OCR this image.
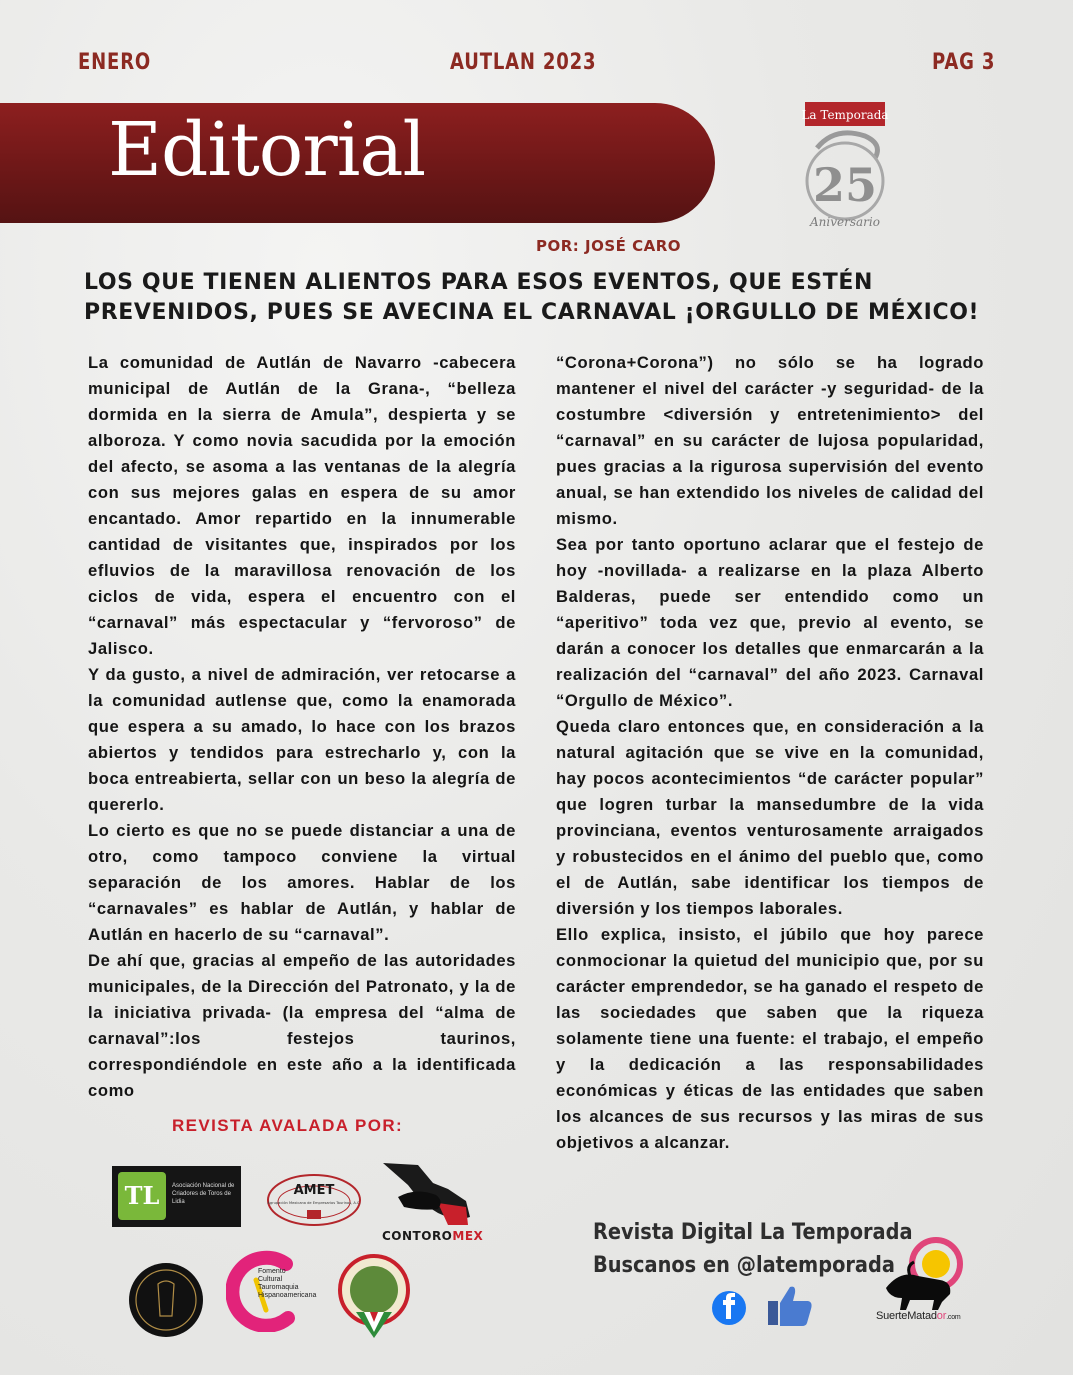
ENERO	AUTLAN 2023	PAG 3
Editorial	La Temporada
25
Aniversario
POR: JOSÉ CARO
LOS QUE TIENEN ALIENTOS PARA ESOS EVENTOS, QUE ESTÉN PREVENIDOS, PUES SE AVECINA EL CARNAVAL ¡ORGULLO DE MÉXICO!

La comunidad de Autlán de Navarro -cabecera municipal de Autlán de la Grana-, “belleza dormida en la sierra de Amula”, despierta y se alboroza. Y como novia sacudida por la emoción del afecto, se asoma a las ventanas de la alegría con sus mejores galas en espera de su amor encantado. Amor repartido en la innumerable cantidad de visitantes que, inspirados por los efluvios de la maravillosa renovación de los ciclos de vida, espera el encuentro con el “carnaval” más espectacular y “fervoroso” de Jalisco.

Y da gusto, a nivel de admiración, ver retocarse a la comunidad autlense que, como la enamorada que espera a su amado, lo hace con los brazos abiertos y tendidos para estrecharlo y, con la boca entreabierta, sellar con un beso la alegría de quererlo.

Lo cierto es que no se puede distanciar a una de otro, como tampoco conviene la virtual separación de los amores. Hablar de los “carnavales” es hablar de Autlán, y hablar de Autlán en hacerlo de su “carnaval”.

De ahí que, gracias al empeño de las autoridades municipales, de la Dirección del Patronato, y la de la iniciativa privada- (la empresa del “alma de carnaval”:los festejos taurinos, correspondiéndole en este año a la identificada como

“Corona+Corona”) no sólo se ha logrado mantener el nivel del carácter -y seguridad- de la costumbre <diversión y entretenimiento> del “carnaval” en su carácter de lujosa popularidad, pues gracias a la rigurosa supervisión del evento anual, se han extendido los niveles de calidad del mismo.

Sea por tanto oportuno aclarar que el festejo de hoy -novillada- a realizarse en la plaza Alberto Balderas, puede ser entendido como un “aperitivo” toda vez que, previo al evento, se darán a conocer los detalles que enmarcarán a la realización del “carnaval” del año 2023. Carnaval “Orgullo de México”.

Queda claro entonces que, en consideración a la natural agitación que se vive en la comunidad, hay pocos acontecimientos “de carácter popular” que logren turbar la mansedumbre de la vida provinciana, eventos venturosamente arraigados y robustecidos en el ánimo del pueblo que, como el de Autlán, sabe identificar los tiempos de diversión y los tiempos laborales.

Ello explica, insisto, el júbilo que hoy parece conmocionar la quietud del municipio que, por su carácter emprendedor, se ha ganado el respeto de las sociedades que saben que la riqueza solamente tiene una fuente: el trabajo, el empeño y la dedicación a las responsabilidades económicas y éticas de las entidades que saben los alcances de sus recursos y las miras de sus objetivos a alcanzar.

REVISTA AVALADA POR:
TL	Asociación Nacional de Criadores de Toros de Lidia
AMET
Agrupación Mexicana de Empresarios Taurinos, A.C.
CONTOROMEX
Fomento Cultural Tauromaquia Hispanoamericana
Revista Digital La Temporada
Buscanos en @latemporada
SuerteMatador.com
